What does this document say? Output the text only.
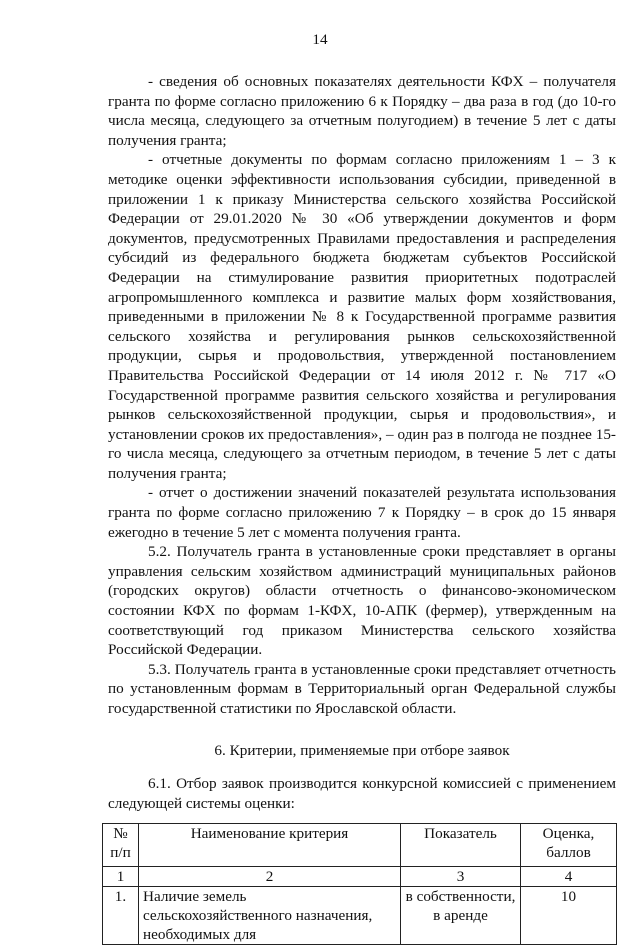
14

- сведения об основных показателях деятельности КФХ – получателя гранта по форме согласно приложению 6 к Порядку – два раза в год (до 10-го числа месяца, следующего за отчетным полугодием) в течение 5 лет с даты получения гранта;

- отчетные документы по формам согласно приложениям 1 – 3 к методике оценки эффективности использования субсидии, приведенной в приложении 1 к приказу Министерства сельского хозяйства Российской Федерации от 29.01.2020 № 30 «Об утверждении документов и форм документов, предусмотренных Правилами предоставления и распределения субсидий из федерального бюджета бюджетам субъектов Российской Федерации на стимулирование развития приоритетных подотраслей агропромышленного комплекса и развитие малых форм хозяйствования, приведенными в приложении № 8 к Государственной программе развития сельского хозяйства и регулирования рынков сельскохозяйственной продукции, сырья и продовольствия, утвержденной постановлением Правительства Российской Федерации от 14 июля 2012 г. № 717 «О Государственной программе развития сельского хозяйства и регулирования рынков сельскохозяйственной продукции, сырья и продовольствия», и установлении сроков их предоставления», – один раз в полгода не позднее 15-го числа месяца, следующего за отчетным периодом, в течение 5 лет с даты получения гранта;

- отчет о достижении значений показателей результата использования гранта по форме согласно приложению 7 к Порядку – в срок до 15 января ежегодно в течение 5 лет с момента получения гранта.

5.2. Получатель гранта в установленные сроки представляет в органы управления сельским хозяйством администраций муниципальных районов (городских округов) области отчетность о финансово-экономическом состоянии КФХ по формам 1-КФХ, 10-АПК (фермер), утвержденным на соответствующий год приказом Министерства сельского хозяйства Российской Федерации.

5.3. Получатель гранта в установленные сроки представляет отчетность по установленным формам в Территориальный орган Федеральной службы государственной статистики по Ярославской области.

6. Критерии, применяемые при отборе заявок

6.1. Отбор заявок производится конкурсной комиссией с применением следующей системы оценки:

№ п/п	Наименование критерия	Показатель	Оценка, баллов
1	2	3	4
1.	Наличие земель сельскохозяйственного назначения, необходимых для	в собственности, в аренде	10
